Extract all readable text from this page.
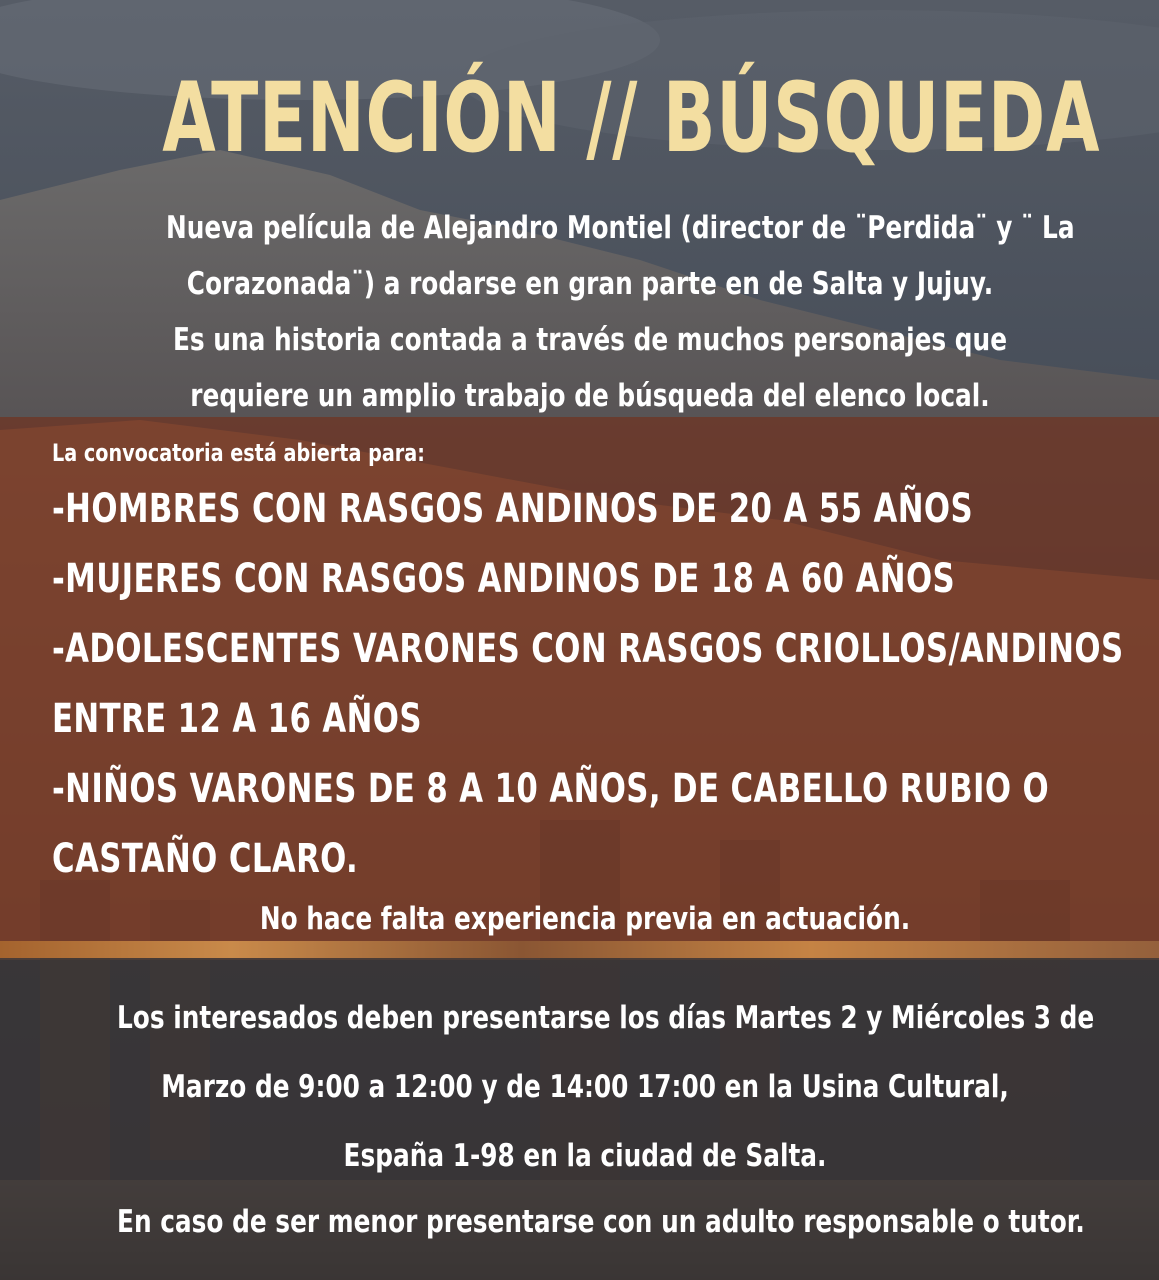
ATENCIÓN // BÚSQUEDA
Nueva película de Alejandro Montiel (director de ¨Perdida¨ y ¨ La
Corazonada¨) a rodarse en gran parte en de Salta y Jujuy.
Es una historia contada a través de muchos personajes que
requiere un amplio trabajo de búsqueda del elenco local.
La convocatoria está abierta para:
-HOMBRES CON RASGOS ANDINOS DE 20 A 55 AÑOS
-MUJERES CON RASGOS ANDINOS DE 18 A 60 AÑOS
-ADOLESCENTES VARONES CON RASGOS CRIOLLOS/ANDINOS
ENTRE 12 A 16 AÑOS
-NIÑOS VARONES DE 8 A 10 AÑOS, DE CABELLO RUBIO O
CASTAÑO CLARO.
No hace falta experiencia previa en actuación.
Los interesados deben presentarse los días Martes 2 y Miércoles 3 de
Marzo de 9:00 a 12:00 y de 14:00 17:00 en la Usina Cultural,
España 1-98 en la ciudad de Salta.
En caso de ser menor presentarse con un adulto responsable o tutor.
